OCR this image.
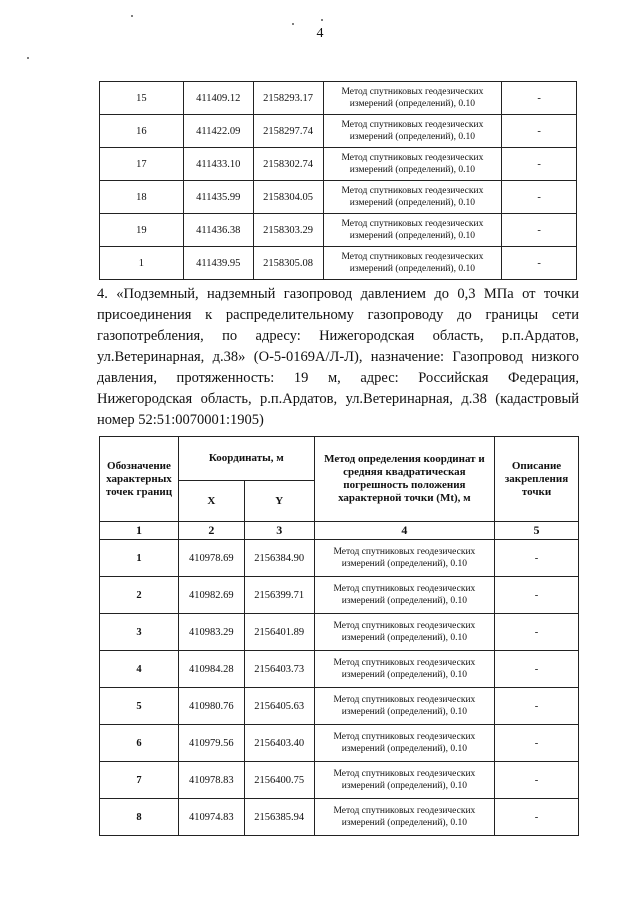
4
15	411409.12	2158293.17	Метод спутниковых геодезических измерений (определений), 0.10	-
16	411422.09	2158297.74	Метод спутниковых геодезических измерений (определений), 0.10	-
17	411433.10	2158302.74	Метод спутниковых геодезических измерений (определений), 0.10	-
18	411435.99	2158304.05	Метод спутниковых геодезических измерений (определений), 0.10	-
19	411436.38	2158303.29	Метод спутниковых геодезических измерений (определений), 0.10	-
1	411439.95	2158305.08	Метод спутниковых геодезических измерений (определений), 0.10	-
4. «Подземный, надземный газопровод давлением до 0,3 МПа от точки присоединения к распределительному газопроводу до границы сети газопотребления, по адресу: Нижегородская область, р.п.Ардатов, ул.Ветеринарная, д.38» (О-5-0169А/Л-Л), назначение: Газопровод низкого давления, протяженность: 19 м, адрес: Российская Федерация, Нижегородская область, р.п.Ардатов, ул.Ветеринарная, д.38 (кадастровый номер 52:51:0070001:1905)
Обозначение характерных точек границ	Координаты, м		Метод определения координат и средняя квадратическая погрешность положения характерной точки (Mt), м	Описание закрепления точки
	X	Y		
1	2	3	4	5
1	410978.69	2156384.90	Метод спутниковых геодезических измерений (определений), 0.10	-
2	410982.69	2156399.71	Метод спутниковых геодезических измерений (определений), 0.10	-
3	410983.29	2156401.89	Метод спутниковых геодезических измерений (определений), 0.10	-
4	410984.28	2156403.73	Метод спутниковых геодезических измерений (определений), 0.10	-
5	410980.76	2156405.63	Метод спутниковых геодезических измерений (определений), 0.10	-
6	410979.56	2156403.40	Метод спутниковых геодезических измерений (определений), 0.10	-
7	410978.83	2156400.75	Метод спутниковых геодезических измерений (определений), 0.10	-
8	410974.83	2156385.94	Метод спутниковых геодезических измерений (определений), 0.10	-
